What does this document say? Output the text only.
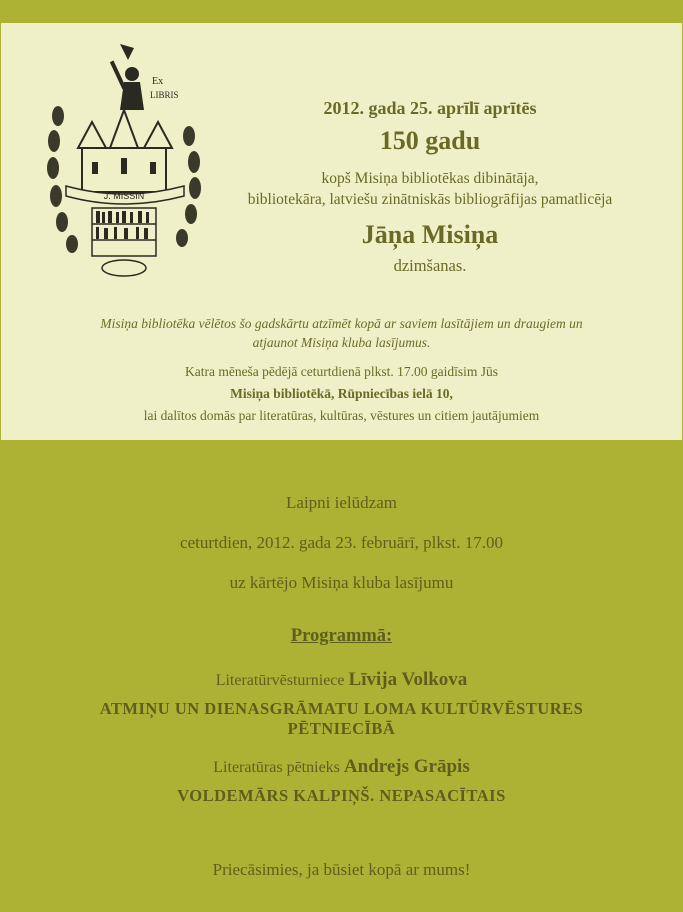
Ex
LIBRIS
J. MISSIN
2012. gada 25. aprīlī aprītēs
150 gadu
kopš Misiņa bibliotēkas dibinātāja,
bibliotekāra, latviešu zinātniskās bibliogrāfijas pamatlicēja
Jāņa Misiņa
dzimšanas.
Misiņa bibliotēka vēlētos šo gadskārtu atzīmēt kopā ar saviem lasītājiem un draugiem un
atjaunot Misiņa kluba lasījumus.
Katra mēneša pēdējā ceturtdienā plkst. 17.00 gaidīsim Jūs
Misiņa bibliotēkā, Rūpniecības ielā 10,
lai dalītos domās par literatūras, kultūras, vēstures un citiem jautājumiem
Laipni ielūdzam
ceturtdien, 2012. gada 23. februārī, plkst. 17.00
uz kārtējo Misiņa kluba lasījumu
Programmā:
Literatūrvēsturniece Līvija Volkova
ATMIŅU UN DIENASGRĀMATU LOMA KULTŪRVĒSTURES PĒTNIECĪBĀ
Literatūras pētnieks Andrejs Grāpis
VOLDEMĀRS KALPIŅŠ. NEPASACĪTAIS
Priecāsimies, ja būsiet kopā ar mums!
